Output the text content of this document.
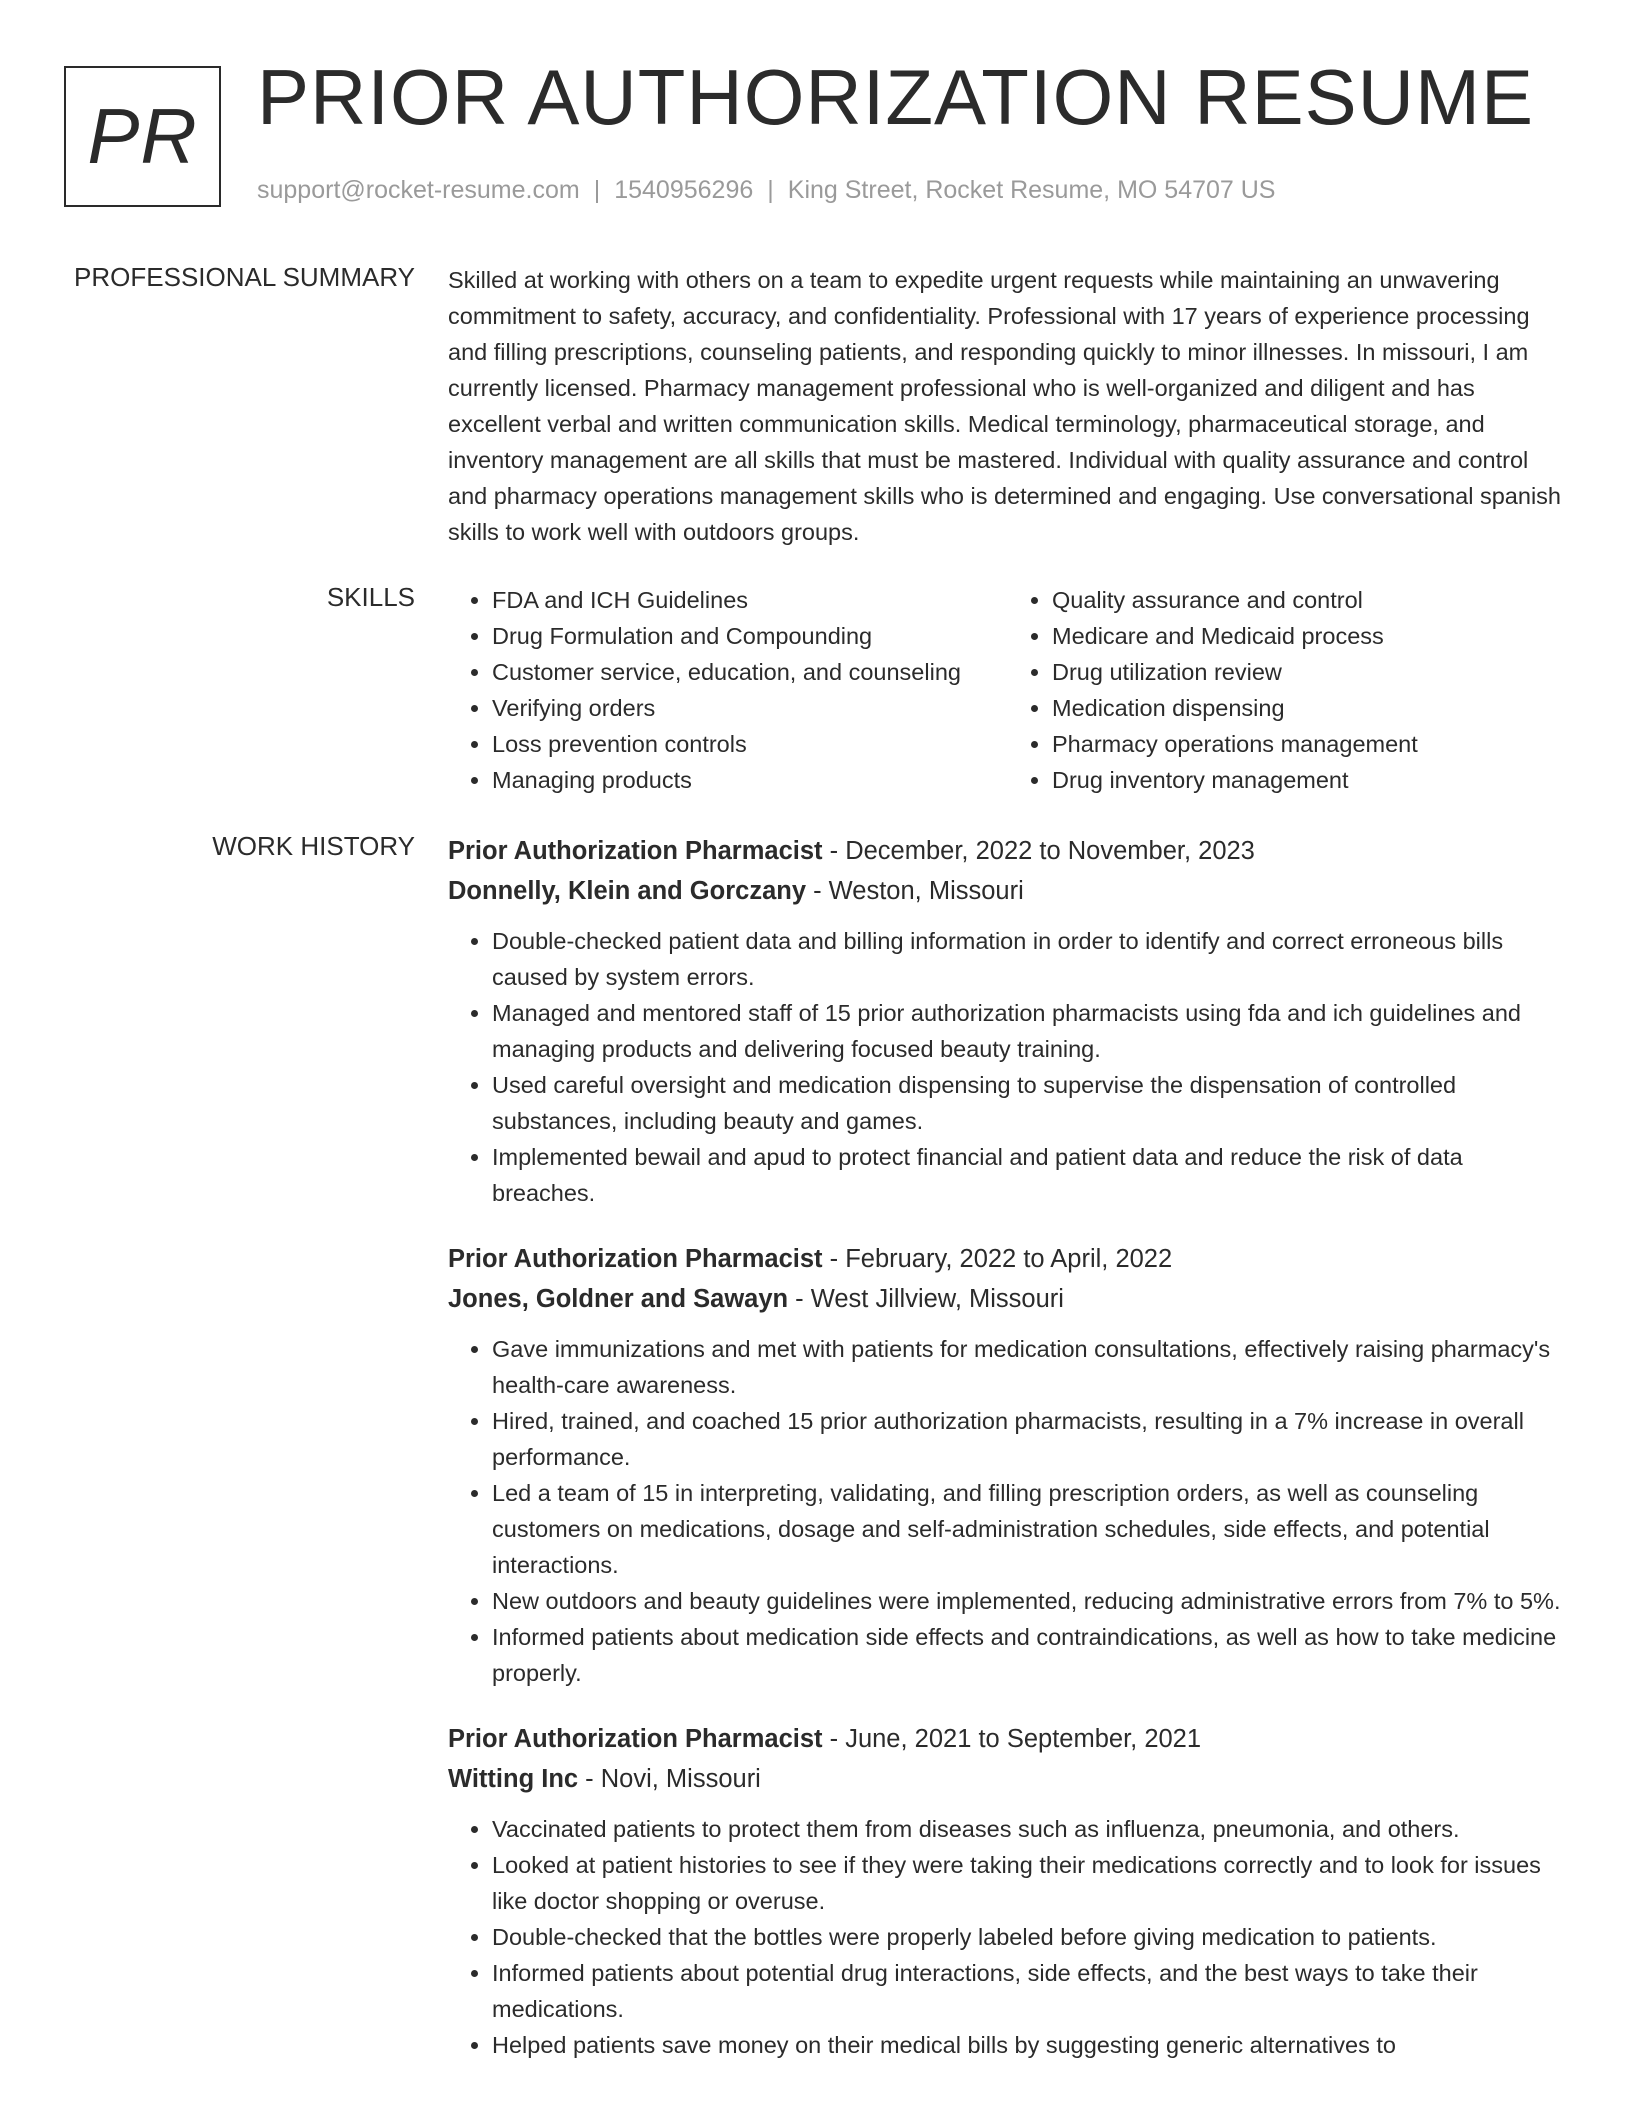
PR PRIOR AUTHORIZATION RESUME
support@rocket-resume.com | 1540956296 | King Street, Rocket Resume, MO 54707 US
PROFESSIONAL SUMMARY Skilled at working with others on a team to expedite urgent requests while maintaining an unwavering commitment to safety, accuracy, and confidentiality. Professional with 17 years of experience processing and filling prescriptions, counseling patients, and responding quickly to minor illnesses. In missouri, I am currently licensed. Pharmacy management professional who is well-organized and diligent and has excellent verbal and written communication skills. Medical terminology, pharmaceutical storage, and inventory management are all skills that must be mastered. Individual with quality assurance and control and pharmacy operations management skills who is determined and engaging. Use conversational spanish skills to work well with outdoors groups.
SKILLS
•	FDA and ICH Guidelines
• Drug Formulation and Compounding
• Customer service, education, and counseling
• Verifying orders
• Loss prevention controls
• Managing products
• Quality assurance and control
• Medicare and Medicaid process
• Drug utilization review
• Medication dispensing
• Pharmacy operations management
• Drug inventory management
WORK HISTORY Prior Authorization Pharmacist - December, 2022 to November, 2023
Donnelly, Klein and Gorczany - Weston, Missouri
• Double-checked patient data and billing information in order to identify and correct erroneous bills caused by system errors.
• Managed and mentored staff of 15 prior authorization pharmacists using fda and ich guidelines and managing products and delivering focused beauty training.
• Used careful oversight and medication dispensing to supervise the dispensation of controlled substances, including beauty and games.
• Implemented bewail and apud to protect financial and patient data and reduce the risk of data breaches.
Prior Authorization Pharmacist - February, 2022 to April, 2022
Jones, Goldner and Sawayn - West Jillview, Missouri
• Gave immunizations and met with patients for medication consultations, effectively raising pharmacy's health-care awareness.
• Hired, trained, and coached 15 prior authorization pharmacists, resulting in a 7% increase in overall performance.
• Led a team of 15 in interpreting, validating, and filling prescription orders, as well as counseling customers on medications, dosage and self-administration schedules, side effects, and potential interactions.
• New outdoors and beauty guidelines were implemented, reducing administrative errors from 7% to 5%.
• Informed patients about medication side effects and contraindications, as well as how to take medicine properly.
Prior Authorization Pharmacist - June, 2021 to September, 2021
Witting Inc - Novi, Missouri
• Vaccinated patients to protect them from diseases such as influenza, pneumonia, and others.
• Looked at patient histories to see if they were taking their medications correctly and to look for issues like doctor shopping or overuse.
• Double-checked that the bottles were properly labeled before giving medication to patients.
• Informed patients about potential drug interactions, side effects, and the best ways to take their medications.
• Helped patients save money on their medical bills by suggesting generic alternatives to
